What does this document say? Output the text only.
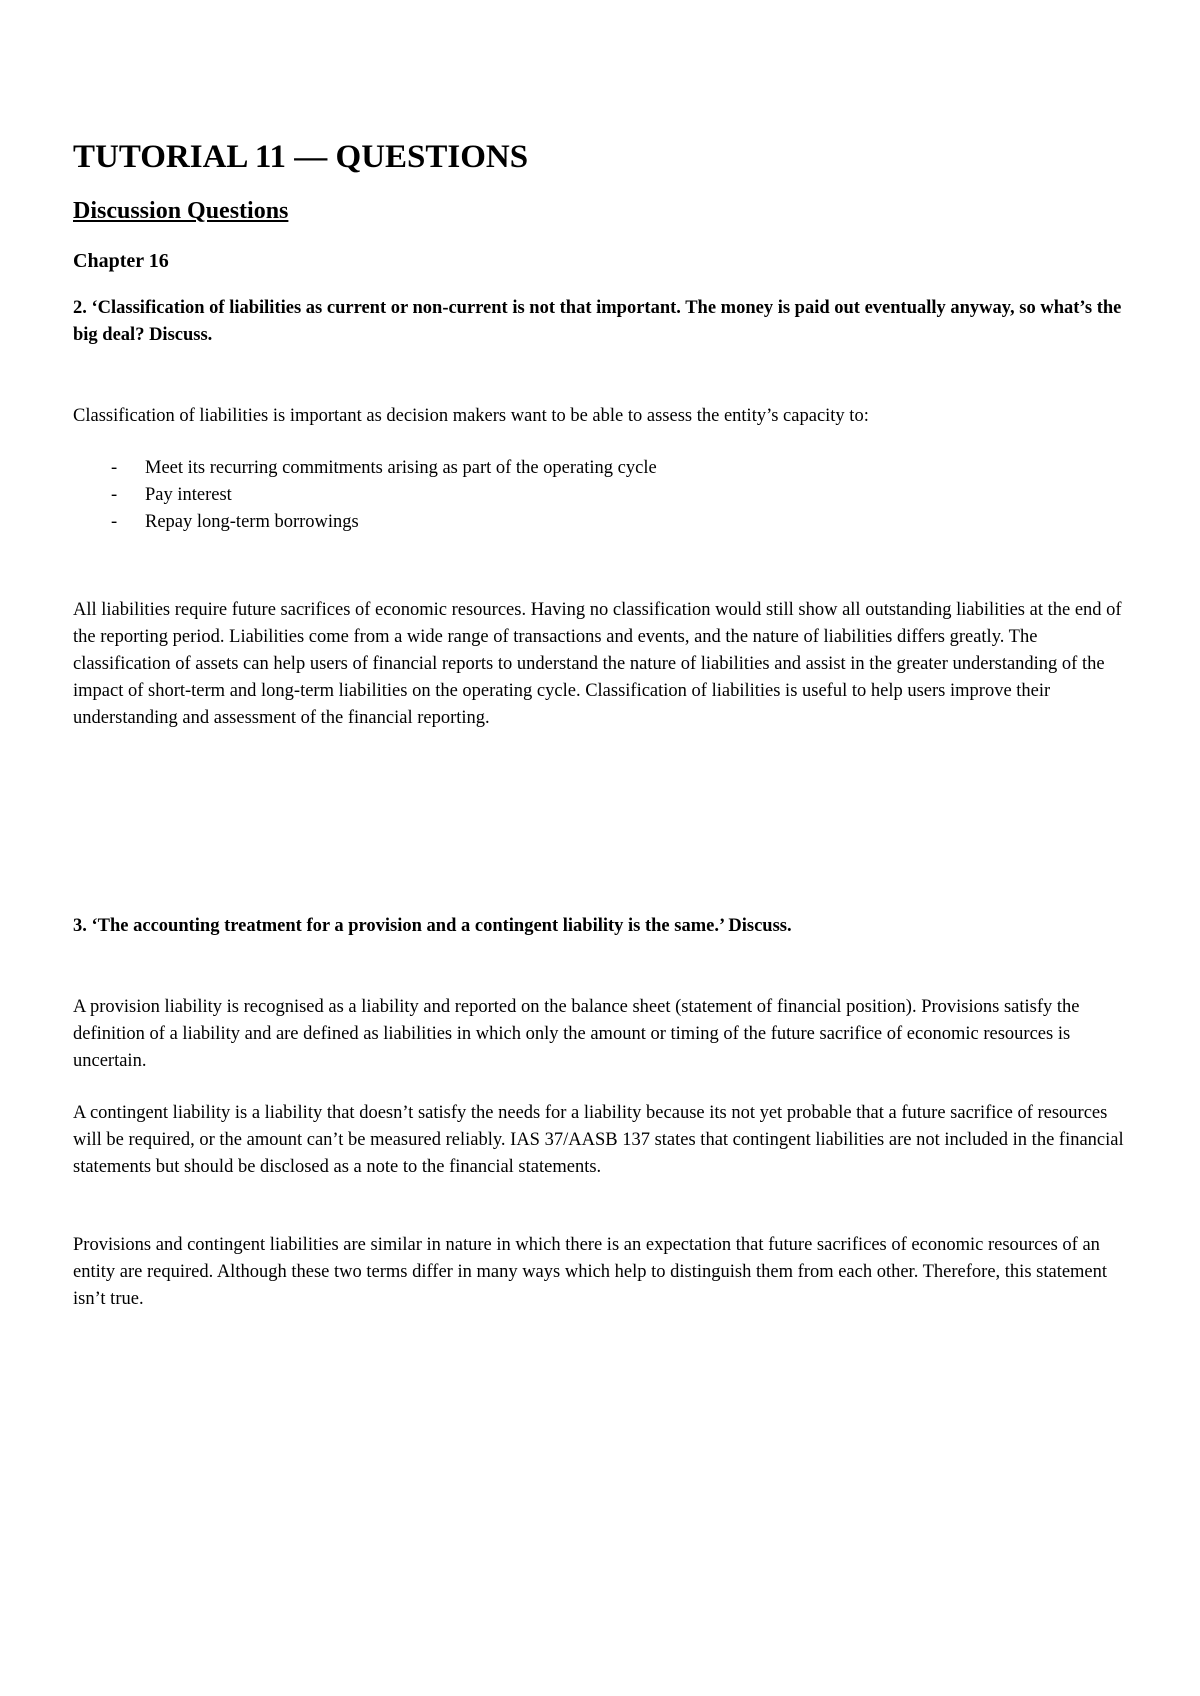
TUTORIAL 11 — QUESTIONS
Discussion Questions
Chapter 16

2. ‘Classification of liabilities as current or non-current is not that important. The money is paid out eventually anyway, so what’s the big deal? Discuss.

Classification of liabilities is important as decision makers want to be able to assess the entity’s capacity to:

- Meet its recurring commitments arising as part of the operating cycle
- Pay interest
- Repay long-term borrowings

All liabilities require future sacrifices of economic resources. Having no classification would still show all outstanding liabilities at the end of the reporting period. Liabilities come from a wide range of transactions and events, and the nature of liabilities differs greatly. The classification of assets can help users of financial reports to understand the nature of liabilities and assist in the greater understanding of the impact of short-term and long-term liabilities on the operating cycle. Classification of liabilities is useful to help users improve their understanding and assessment of the financial reporting.

3. ‘The accounting treatment for a provision and a contingent liability is the same.’ Discuss.

A provision liability is recognised as a liability and reported on the balance sheet (statement of financial position). Provisions satisfy the definition of a liability and are defined as liabilities in which only the amount or timing of the future sacrifice of economic resources is uncertain.

A contingent liability is a liability that doesn’t satisfy the needs for a liability because its not yet probable that a future sacrifice of resources will be required, or the amount can’t be measured reliably. IAS 37/AASB 137 states that contingent liabilities are not included in the financial statements but should be disclosed as a note to the financial statements.

Provisions and contingent liabilities are similar in nature in which there is an expectation that future sacrifices of economic resources of an entity are required. Although these two terms differ in many ways which help to distinguish them from each other. Therefore, this statement isn’t true.
